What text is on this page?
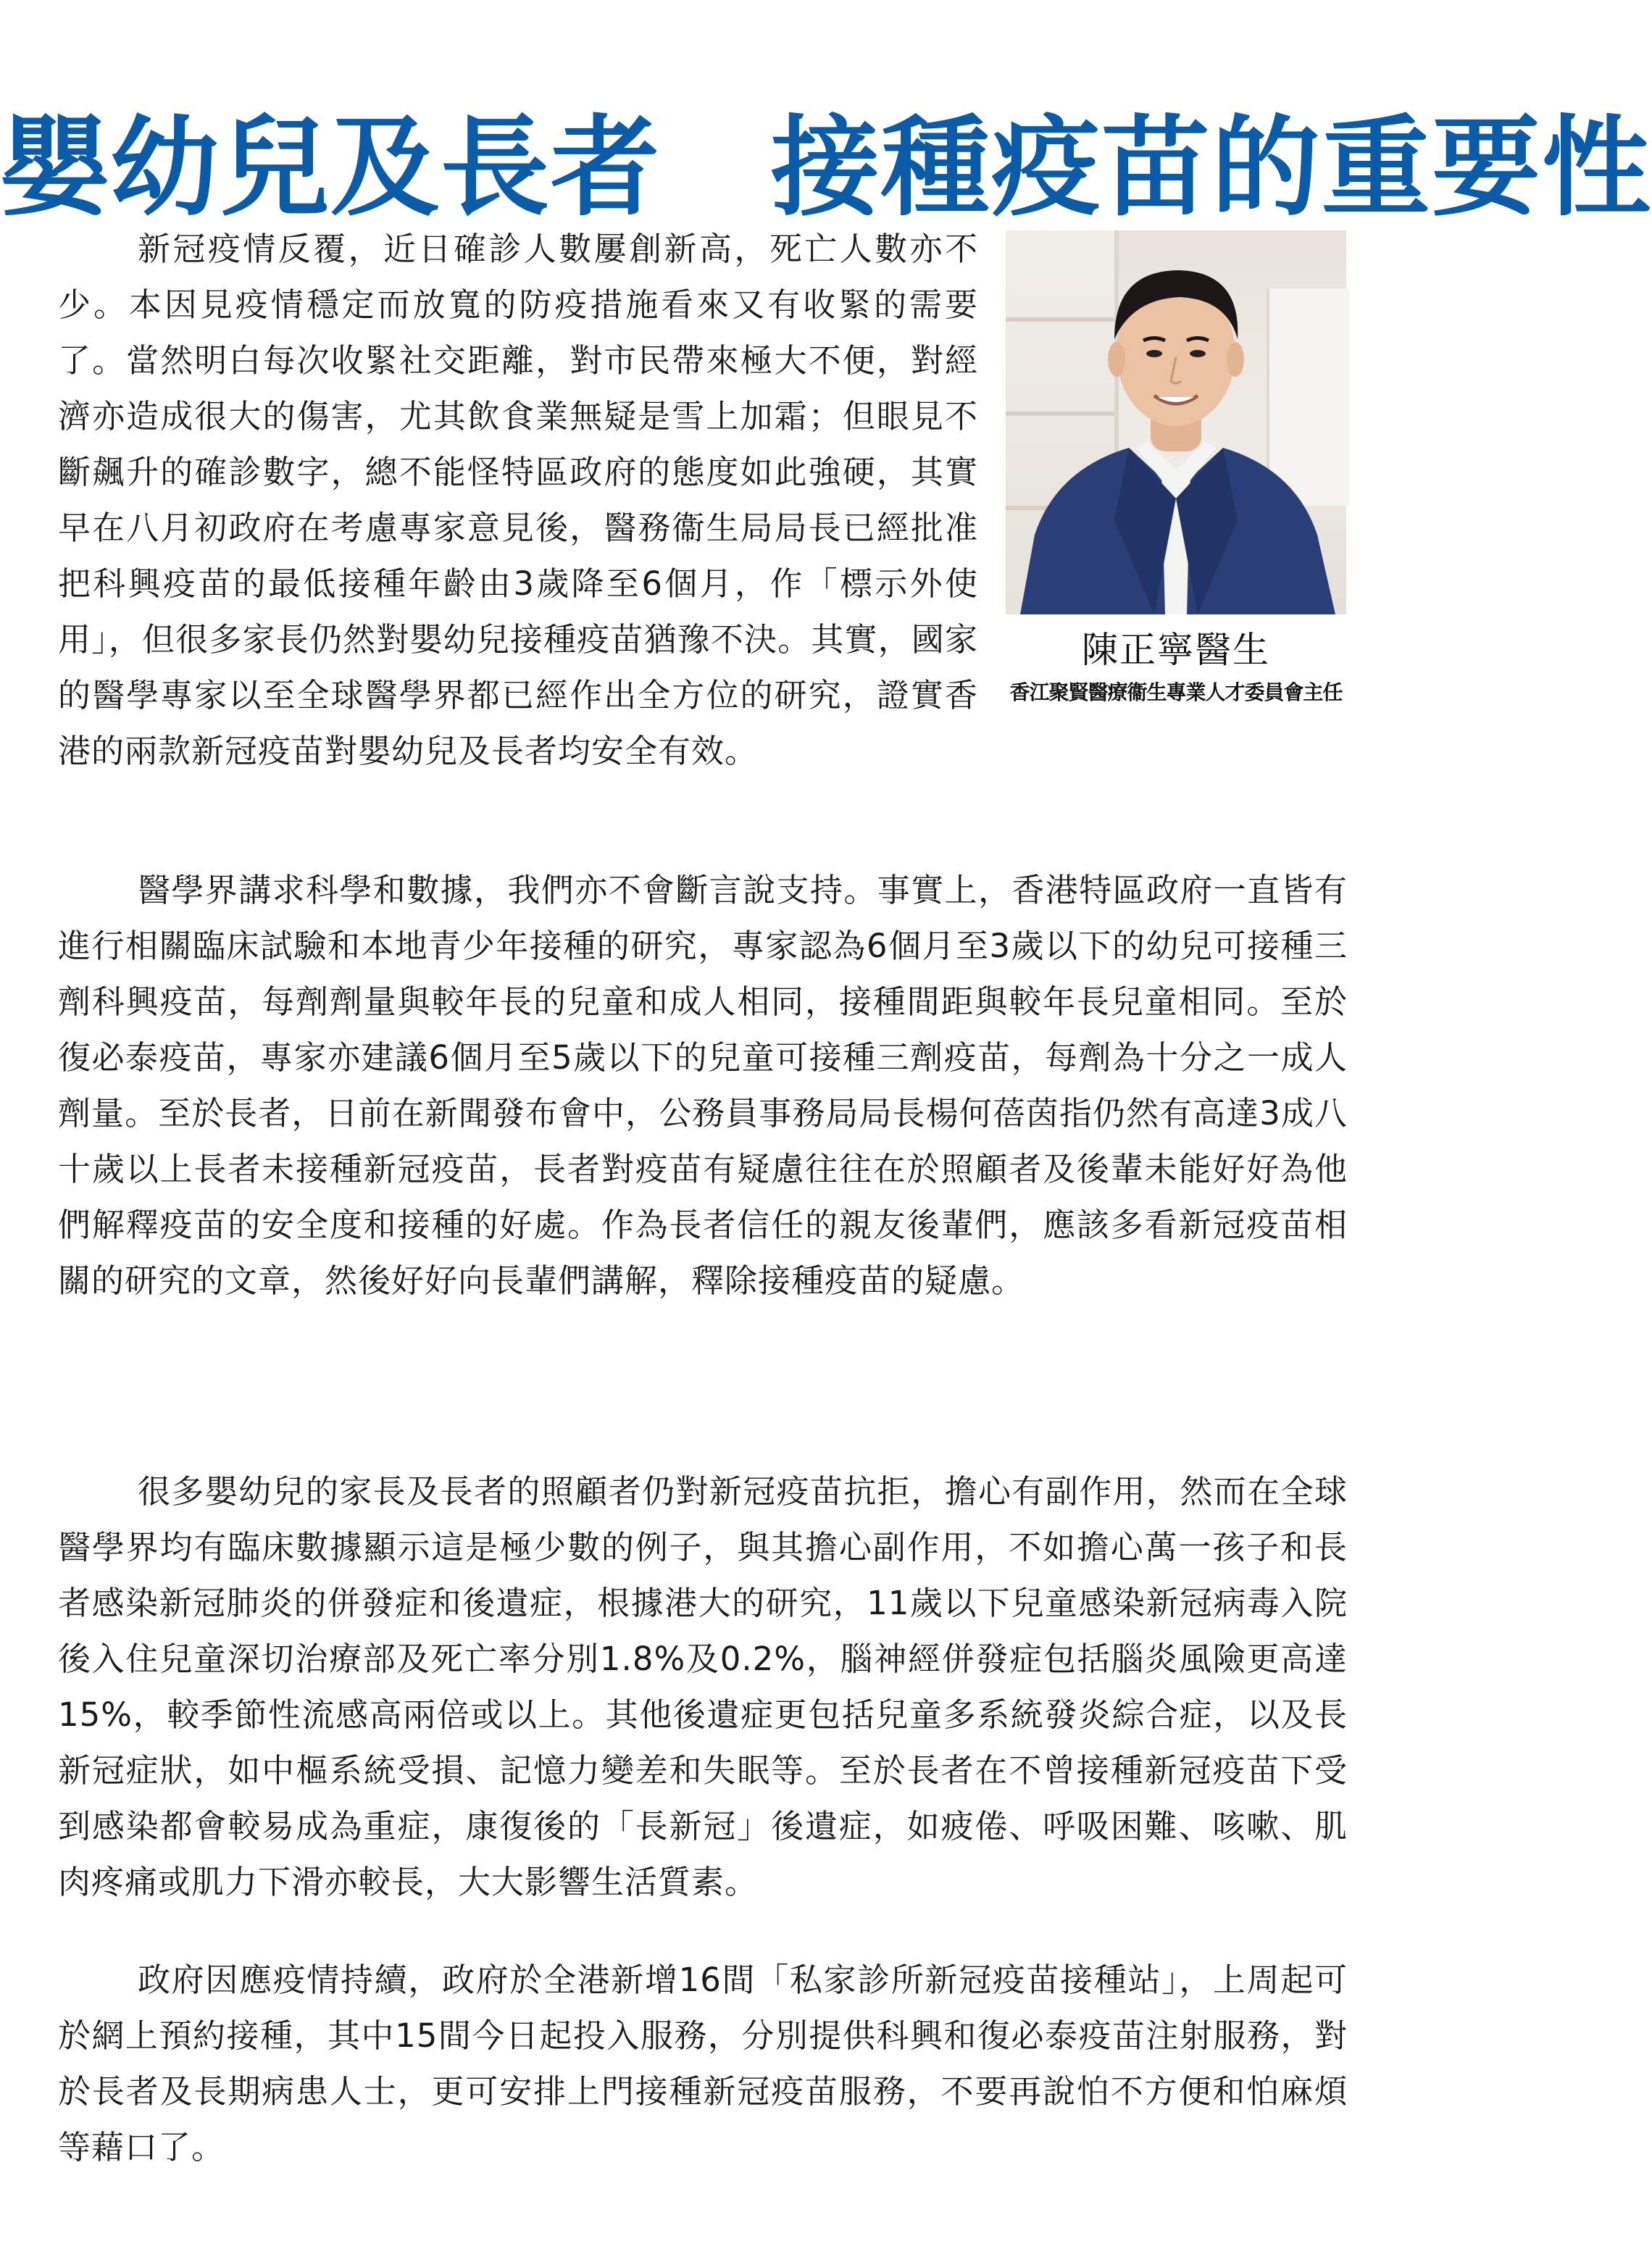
嬰幼兒及長者　接種疫苗的重要性
陳正寧醫生
香江聚賢醫療衞生專業人才委員會主任
新冠疫情反覆，近日確診人數屢創新高，死亡人數亦不少。本因見疫情穩定而放寬的防疫措施看來又有收緊的需要了。當然明白每次收緊社交距離，對市民帶來極大不便，對經濟亦造成很大的傷害，尤其飲食業無疑是雪上加霜；但眼見不斷飆升的確診數字，總不能怪特區政府的態度如此強硬，其實早在八月初政府在考慮專家意見後，醫務衞生局局長已經批准把科興疫苗的最低接種年齡由3歲降至6個月，作「標示外使用」，但很多家長仍然對嬰幼兒接種疫苗猶豫不決。其實，國家的醫學專家以至全球醫學界都已經作出全方位的研究，證實香港的兩款新冠疫苗對嬰幼兒及長者均安全有效。

醫學界講求科學和數據，我們亦不會斷言說支持。事實上，香港特區政府一直皆有進行相關臨床試驗和本地青少年接種的研究，專家認為6個月至3歲以下的幼兒可接種三劑科興疫苗，每劑劑量與較年長的兒童和成人相同，接種間距與較年長兒童相同。至於復必泰疫苗，專家亦建議6個月至5歲以下的兒童可接種三劑疫苗，每劑為十分之一成人劑量。至於長者，日前在新聞發布會中，公務員事務局局長楊何蓓茵指仍然有高達3成八十歲以上長者未接種新冠疫苗，長者對疫苗有疑慮往往在於照顧者及後輩未能好好為他們解釋疫苗的安全度和接種的好處。作為長者信任的親友後輩們，應該多看新冠疫苗相關的研究的文章，然後好好向長輩們講解，釋除接種疫苗的疑慮。

很多嬰幼兒的家長及長者的照顧者仍對新冠疫苗抗拒，擔心有副作用，然而在全球醫學界均有臨床數據顯示這是極少數的例子，與其擔心副作用，不如擔心萬一孩子和長者感染新冠肺炎的併發症和後遺症，根據港大的研究，11歲以下兒童感染新冠病毒入院後入住兒童深切治療部及死亡率分別1.8%及0.2%，腦神經併發症包括腦炎風險更高達15%，較季節性流感高兩倍或以上。其他後遺症更包括兒童多系統發炎綜合症，以及長新冠症狀，如中樞系統受損、記憶力變差和失眠等。至於長者在不曾接種新冠疫苗下受到感染都會較易成為重症，康復後的「長新冠」後遺症，如疲倦、呼吸困難、咳嗽、肌肉疼痛或肌力下滑亦較長，大大影響生活質素。

政府因應疫情持續，政府於全港新增16間「私家診所新冠疫苗接種站」，上周起可於網上預約接種，其中15間今日起投入服務，分別提供科興和復必泰疫苗注射服務，對於長者及長期病患人士，更可安排上門接種新冠疫苗服務，不要再說怕不方便和怕麻煩等藉口了。
